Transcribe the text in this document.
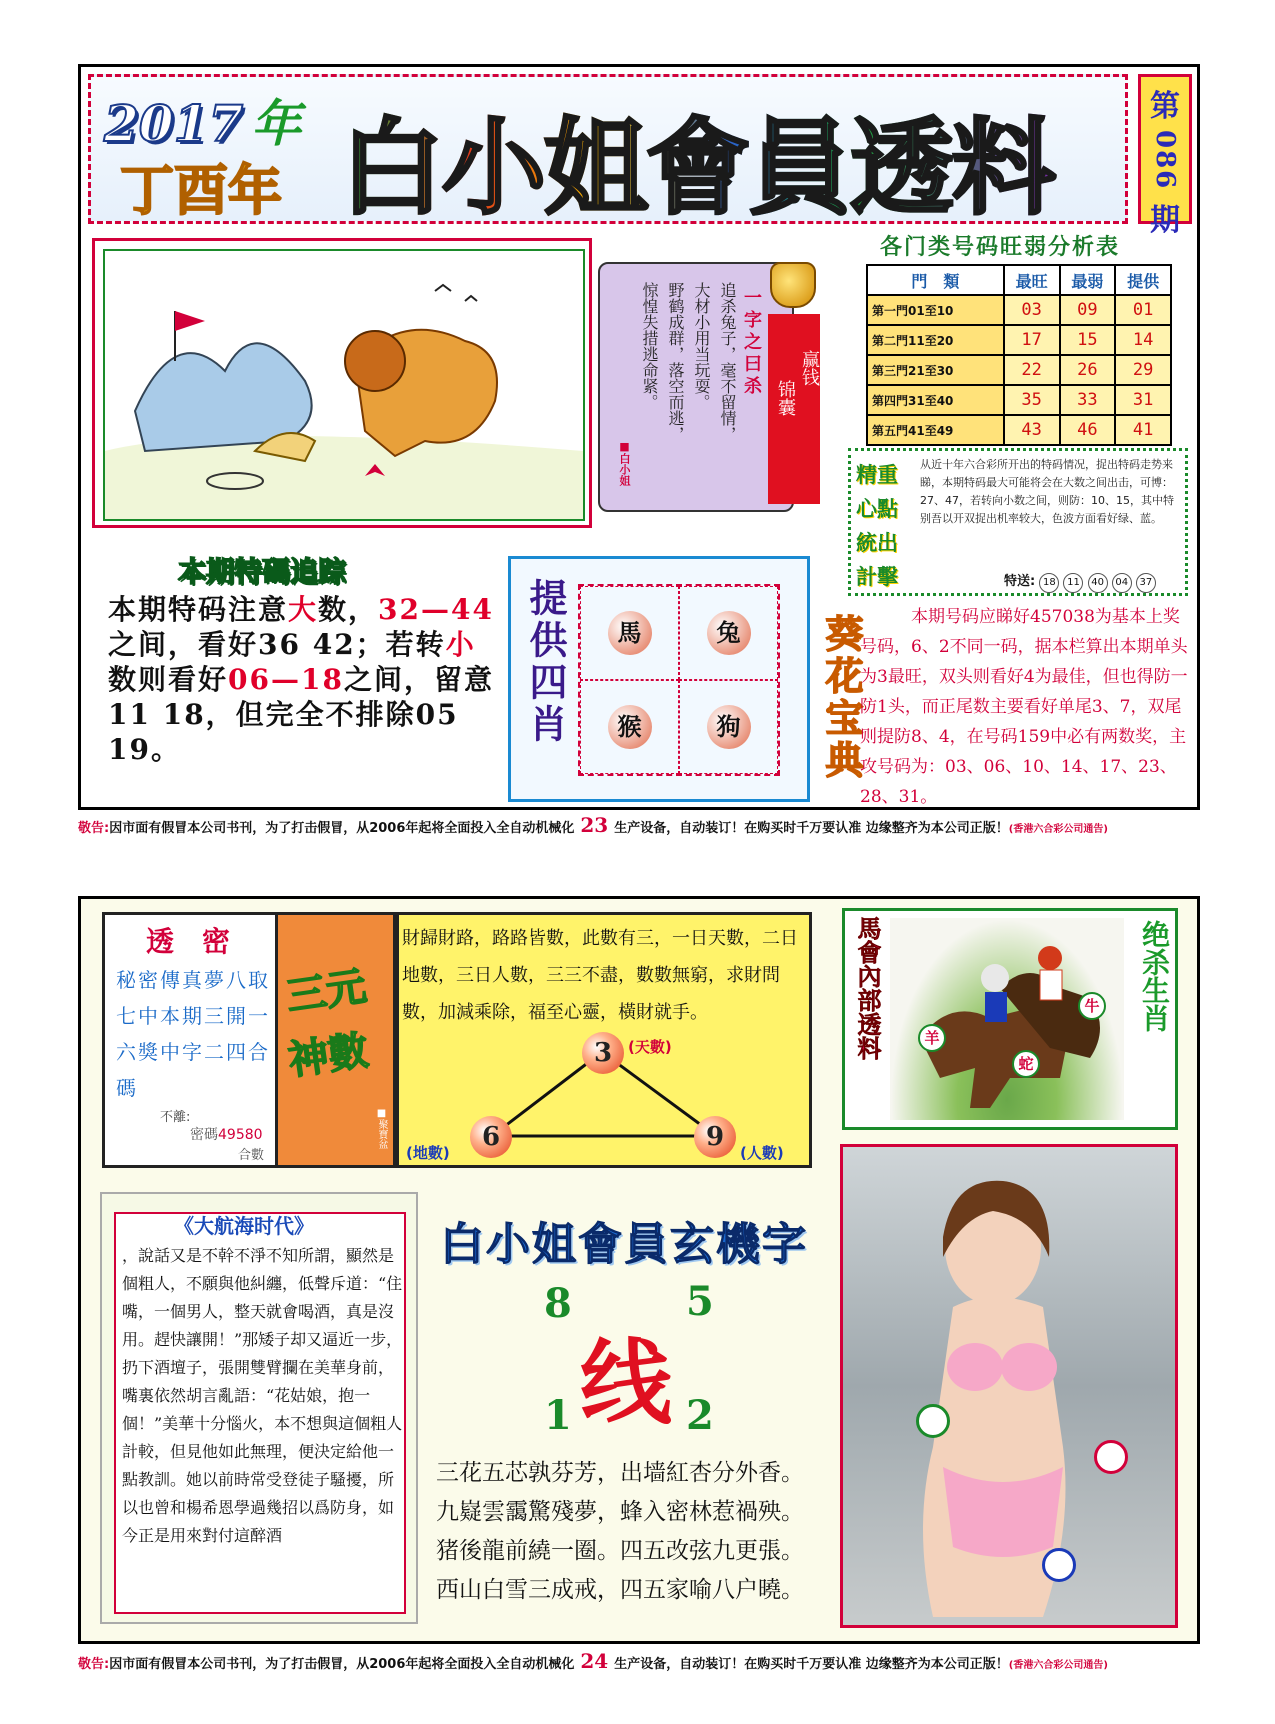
2017 年
丁酉年 白小姐會員透料	第
086
期
一字之曰杀
追杀兔子，毫不留情，
大材小用当玩耍。
野鹤成群，落空而逃，
惊惶失措逃命紧。
■白小姐
赢钱
锦囊
各门类号码旺弱分析表
門　類	最旺	最弱	提供
第一門01至10	03	09	01
第二門11至20	17	15	14
第三門21至30	22	26	29
第四門31至40	35	33	31
第五門41至49	43	46	41
精重心點統出計擊
从近十年六合彩所开出的特码情况，捉出特码走势来睇，本期特码最大可能将会在大数之间出击，可博：27、47，若转向小数之间，则防：10、15，其中特别吾以开双捉出机率较大，色波方面看好绿、蓝。
特送: 18 11 40 04 37
本期特碼追踪
本期特码注意大数，32—44之间，看好36 42；若转小数则看好06—18之间，留意11 18，但完全不排除05 19。
提供四肖	馬	兔
猴	狗 葵花宝典	本期号码应睇好457038为基本上奖号码，6、2不同一码，据本栏算出本期单头为3最旺，双头则看好4为最佳，但也得防一防1头，而正尾数主要看好单尾3、7，双尾则提防8、4，在号码159中必有两数奖，主攻号码为：03、06、10、14、17、23、28、31。
敬告:因市面有假冒本公司书刊，为了打击假冒，从2006年起将全面投入全自动机械化 23 生产设备，自动装订！在购买时千万要认准 边缘整齐为本公司正版！(香港六合彩公司通告)
透　密
秘密傳真夢八取七中本期三開一六獎中字二四合碼
不離:
密碼49580
合數
三元
神數
■聚寶盆
財歸財路，路路皆數，此數有三，一日天數，二日地數，三日人數，三三不盡，數數無窮，求財問數，加減乘除，福至心靈，橫財就手。
3	(天數)
6
(地數)
9
(人數)
馬會內部透料	绝杀生肖
羊
牛
蛇
《大航海时代》
，說話又是不幹不淨不知所謂，顯然是個粗人，不願與他糾纏，低聲斥道：“住嘴，一個男人，整天就會喝酒，真是沒用。趕快讓開！”那矮子却又逼近一步，扔下酒壇子，張開雙臂攔在美華身前，嘴裏依然胡言亂語：“花姑娘，抱一個！”美華十分惱火，本不想與這個粗人計較，但見他如此無理，便決定給他一點教訓。她以前時常受登徒子騷擾，所以也曾和楊希恩學過幾招以爲防身，如今正是用來對付這醉酒
白小姐會員玄機字
8	5
线
1	2
三花五芯孰芬芳，出墙紅杏分外香。
九嶷雲靄驚殘夢，蜂入密林惹禍殃。
猪後龍前繞一圈。四五改弦九更張。
西山白雪三成戒，四五家喻八户曉。
敬告:因市面有假冒本公司书刊，为了打击假冒，从2006年起将全面投入全自动机械化 24 生产设备，自动装订！在购买时千万要认准 边缘整齐为本公司正版！(香港六合彩公司通告)
